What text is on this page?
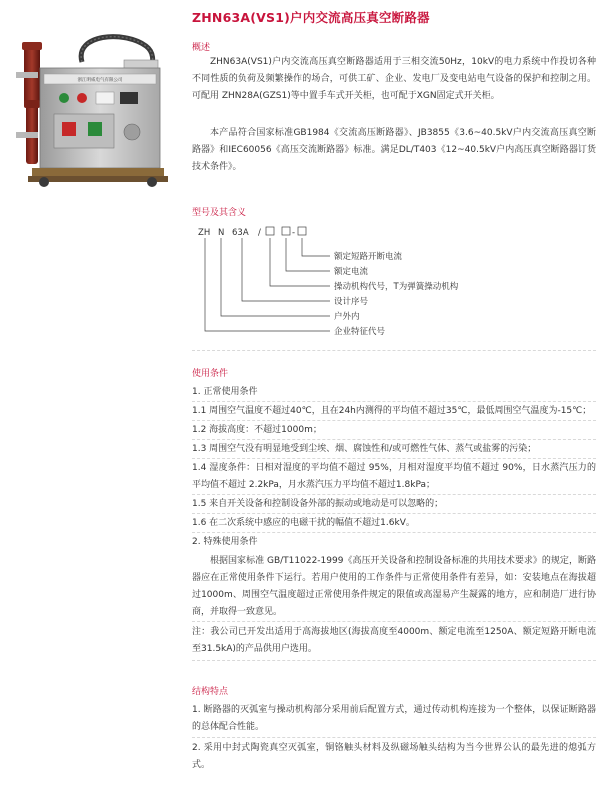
ZHN63A(VS1)户内交流高压真空断路器
浙江明威电气有限公司
概述

ZHN63A(VS1)户内交流高压真空断路器适用于三相交流50Hz，10kV的电力系统中作投切各种不同性质的负荷及频繁操作的场合，可供工矿、企业、发电厂及变电站电气设备的保护和控制之用。可配用 ZHN28A(GZS1)等中置手车式开关柜，也可配于XGN固定式开关柜。

本产品符合国家标准GB1984《交流高压断路器》、JB3855《3.6~40.5kV户内交流高压真空断路器》和IEC60056《高压交流断路器》标准。满足DL/T403《12~40.5kV户内高压真空断路器订货技术条件》。

型号及其含义
ZH N 63A /	-
额定短路开断电流
额定电流
操动机构代号，T为弹簧操动机构
设计序号
户外内
企业特征代号
使用条件

1. 正常使用条件

1.1 周围空气温度不超过40℃，且在24h内测得的平均值不超过35℃，最低周围空气温度为-15℃；

1.2 海拔高度：不超过1000m；

1.3 周围空气没有明显地受到尘埃、烟、腐蚀性和/或可燃性气体、蒸气或盐雾的污染；

1.4 湿度条件：日相对湿度的平均值不超过 95%，月相对湿度平均值不超过 90%，日水蒸汽压力的平均值不超过 2.2kPa，月水蒸汽压力平均值不超过1.8kPa；

1.5 来自开关设备和控制设备外部的振动或地动是可以忽略的；

1.6 在二次系统中感应的电磁干扰的幅值不超过1.6kV。

2. 特殊使用条件

根据国家标准 GB/T11022-1999《高压开关设备和控制设备标准的共用技术要求》的规定，断路器应在正常使用条件下运行。若用户使用的工作条件与正常使用条件有差异，如：安装地点在海拔超过1000m、周围空气温度超过正常使用条件规定的限值或高湿易产生凝露的地方，应和制造厂进行协商，并取得一致意见。

注：我公司已开发出适用于高海拔地区(海拔高度至4000m、额定电流至1250A、额定短路开断电流至31.5kA)的产品供用户选用。

结构特点

1. 断路器的灭弧室与操动机构部分采用前后配置方式，通过传动机构连接为一个整体，以保证断路器的总体配合性能。

2. 采用中封式陶瓷真空灭弧室，铜铬触头材料及纵磁场触头结构为当今世界公认的最先进的熄弧方式。
